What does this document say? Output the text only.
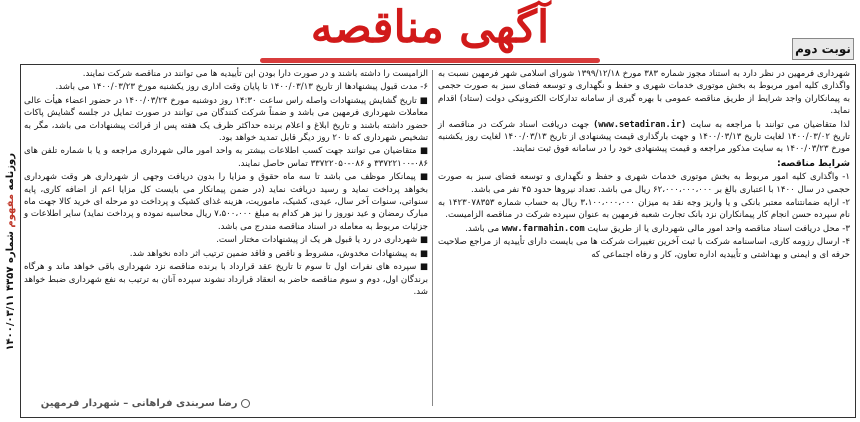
روزنامه مفهوم شماره ۴۳۵۷ ۱۴۰۰/۰۳/۱۱
آگهی مناقصه	نوبت دوم

شهرداری فرمهین در نظر دارد به استناد مجوز شماره ۳۸۳ مورخ ۱۳۹۹/۱۲/۱۸ شورای اسلامی شهر فرمهین نسبت به واگذاری کلیه امور مربوط به بخش موتوری خدمات شهری و حفظ و نگهداری و توسعه فضای سبز به صورت حجمی به پیمانکاران واجد شرایط از طریق مناقصه عمومی با بهره گیری از سامانه تدارکات الکترونیکی دولت (ستاد) اقدام نماید.

لذا متقاضیان می توانند با مراجعه به سایت (www.setadiran.ir) جهت دریافت اسناد شرکت در مناقصه از تاریخ ۱۴۰۰/۰۳/۰۲ لغایت تاریخ ۱۴۰۰/۰۳/۱۳ و جهت بارگذاری قیمت پیشنهادی از تاریخ ۱۴۰۰/۰۳/۱۳ لغایت روز یکشنبه مورخ ۱۴۰۰/۰۳/۲۳ به سایت مذکور مراجعه و قیمت پیشنهادی خود را در سامانه فوق ثبت نمایند.

شرایط مناقصه:

۱- واگذاری کلیه امور مربوط به بخش موتوری خدمات شهری و حفظ و نگهداری و توسعه فضای سبز به صورت حجمی در سال ۱۴۰۰ با اعتباری بالغ بر ۶۲،۰۰۰،۰۰۰،۰۰۰ ریال می باشد. تعداد نیروها حدود ۴۵ نفر می باشد.

۲- ارایه ضمانتنامه معتبر بانکی و یا واریز وجه نقد به میزان ۳،۱۰۰،۰۰۰،۰۰۰ ریال به حساب شماره ۱۴۲۳۰۷۸۳۵۳ به نام سپرده حسن انجام کار پیمانکاران نزد بانک تجارت شعبه فرمهین به عنوان سپرده شرکت در مناقصه الزامیست.

۳- محل دریافت اسناد مناقصه واحد امور مالی شهرداری یا از طریق سایت www.farmahin.com می باشد.

۴- ارسال رزومه کاری، اساسنامه شرکت با ثبت آخرین تغییرات شرکت ها می بایست دارای تأییدیه از مراجع صلاحیت حرفه ای و ایمنی و بهداشتی و تأییدیه اداره تعاون، کار و رفاه اجتماعی که

الزامیست را داشته باشند و در صورت دارا بودن این تأییدیه ها می توانند در مناقصه شرکت نمایند.

۶- مدت قبول پیشنهادها از تاریخ ۱۴۰۰/۰۳/۱۳ تا پایان وقت اداری روز یکشنبه مورخ ۱۴۰۰/۰۳/۲۳ می باشد.

■ تاریخ گشایش پیشنهادات واصله راس ساعت ۱۴:۳۰ روز دوشنبه مورخ ۱۴۰۰/۰۳/۲۴ در حضور اعضاء هیأت عالی معاملات شهرداری فرمهین می باشد و ضمناً شرکت کنندگان می توانند در صورت تمایل در جلسه گشایش پاکات حضور داشته باشند و تاریخ ابلاغ و اعلام برنده حداکثر ظرف یک هفته پس از قرائت پیشنهادات می باشد، مگر به تشخیص شهرداری که تا ۲۰ روز دیگر قابل تمدید خواهد بود.

■ متقاضیان می توانند جهت کسب اطلاعات بیشتر به واحد امور مالی شهرداری مراجعه و یا با شماره تلفن های ۰۸۶-۳۳۷۲۲۱۰۰ و ۰۸۶-۳۳۷۲۲۰۵۰ تماس حاصل نمایند.

■ پیمانکار موظف می باشد تا سه ماه حقوق و مزایا را بدون دریافت وجهی از شهرداری هر وقت شهرداری بخواهد پرداخت نماید و رسید دریافت نماید (در ضمن پیمانکار می بایست کل مزایا اعم از اضافه کاری، پایه سنواتی، سنوات آخر سال، عیدی، کشیک، ماموریت، هزینه غذای کشیک و پرداخت دو مرحله ای خرید کالا جهت ماه مبارک رمضان و عید نوروز را نیز هر کدام به مبلغ ۷،۵۰۰،۰۰۰ ریال محاسبه نموده و پرداخت نماید) سایر اطلاعات و جزئیات مربوط به معامله در اسناد مناقصه مندرج می باشد.

■ شهرداری در رد یا قبول هر یک از پیشنهادات مختار است.

■ به پیشنهادات مخدوش، مشروط و ناقص و فاقد ضمین ترتیب اثر داده نخواهد شد.

■ سپرده های نفرات اول تا سوم تا تاریخ عقد قرارداد با برنده مناقصه نزد شهرداری باقی خواهد ماند و هرگاه برندگان اول، دوم و سوم مناقصه حاضر به انعقاد قرارداد نشوند سپرده آنان به ترتیب به نفع شهرداری ضبط خواهد شد.

رضا سربندی فراهانی – شهردار فرمهین
